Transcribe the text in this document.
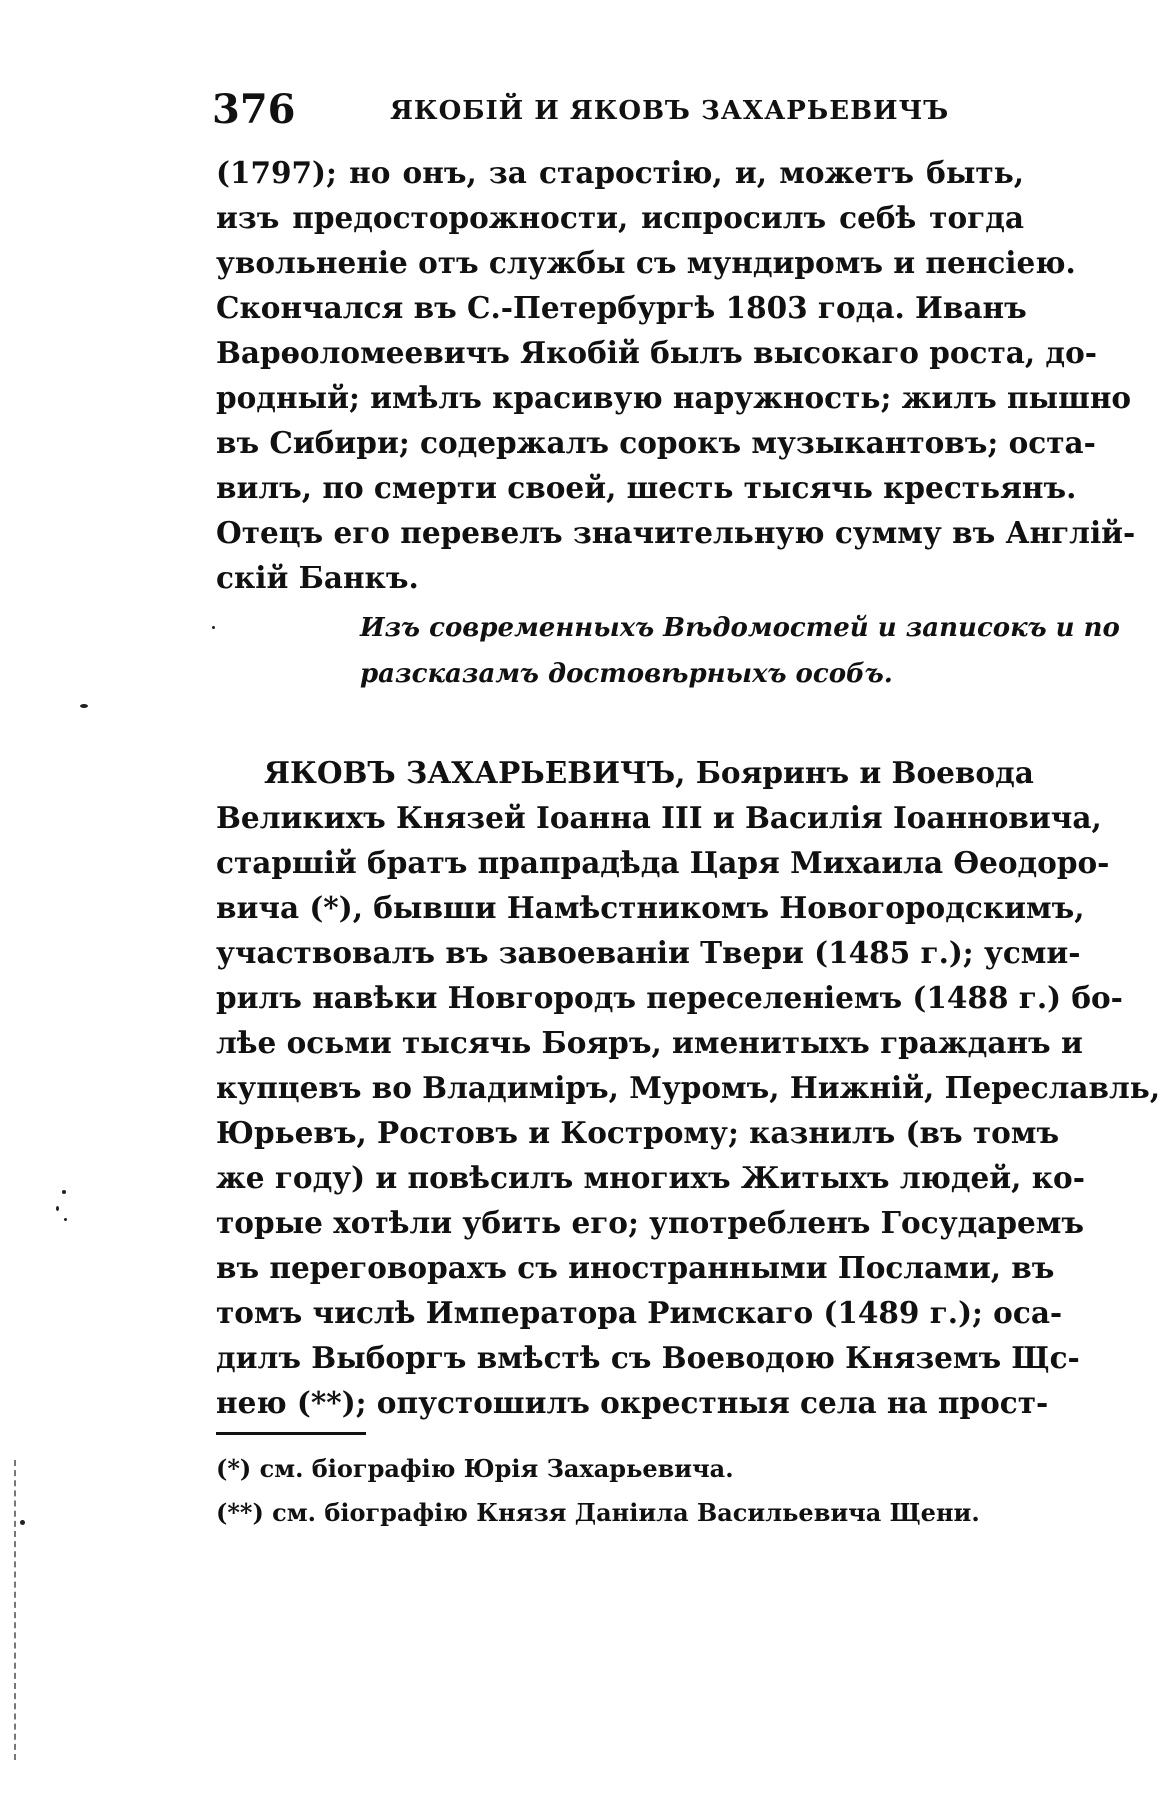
376	ЯКОБІЙ И ЯКОВЪ ЗАХАРЬЕВИЧЪ
(1797); но онъ, за старостію, и, можетъ быть,
изъ предосторожности, испросилъ себѣ тогда
увольненіе отъ службы съ мундиромъ и пенсіею.
Скончался въ С.-Петербургѣ 1803 года. Иванъ
Варѳоломеевичъ Якобій былъ высокаго роста, до-
родный; имѣлъ красивую наружность; жилъ пышно
въ Сибири; содержалъ сорокъ музыкантовъ; оста-
вилъ, по смерти своей, шесть тысячь крестьянъ.
Отецъ его перевелъ значительную сумму въ Англій-
скій Банкъ.
Изъ современныхъ Вѣдомостей и записокъ и по
разсказамъ достовѣрныхъ особъ.
ЯКОВЪ ЗАХАРЬЕВИЧЪ, Бояринъ и Воевода
Великихъ Князей Іоанна III и Василія Іоанновича,
старшій братъ прапрадѣда Царя Михаила Ѳеодоро-
вича (*), бывши Намѣстникомъ Новогородскимъ,
участвовалъ въ завоеваніи Твери (1485 г.); усми-
рилъ навѣки Новгородъ переселеніемъ (1488 г.) бо-
лѣе осьми тысячь Бояръ, именитыхъ гражданъ и
купцевъ во Владиміръ, Муромъ, Нижній, Переславль,
Юрьевъ, Ростовъ и Кострому; казнилъ (въ томъ
же году) и повѣсилъ многихъ Житыхъ людей, ко-
торые хотѣли убить его; употребленъ Государемъ
въ переговорахъ съ иностранными Послами, въ
томъ числѣ Императора Римскаго (1489 г.); оса-
дилъ Выборгъ вмѣстѣ съ Воеводою Княземъ Щс-
нею (**); опустошилъ окрестныя села на прост-
(*) см. біографію Юрія Захарьевича.
(**) см. біографію Князя Даніила Васильевича Щени.
